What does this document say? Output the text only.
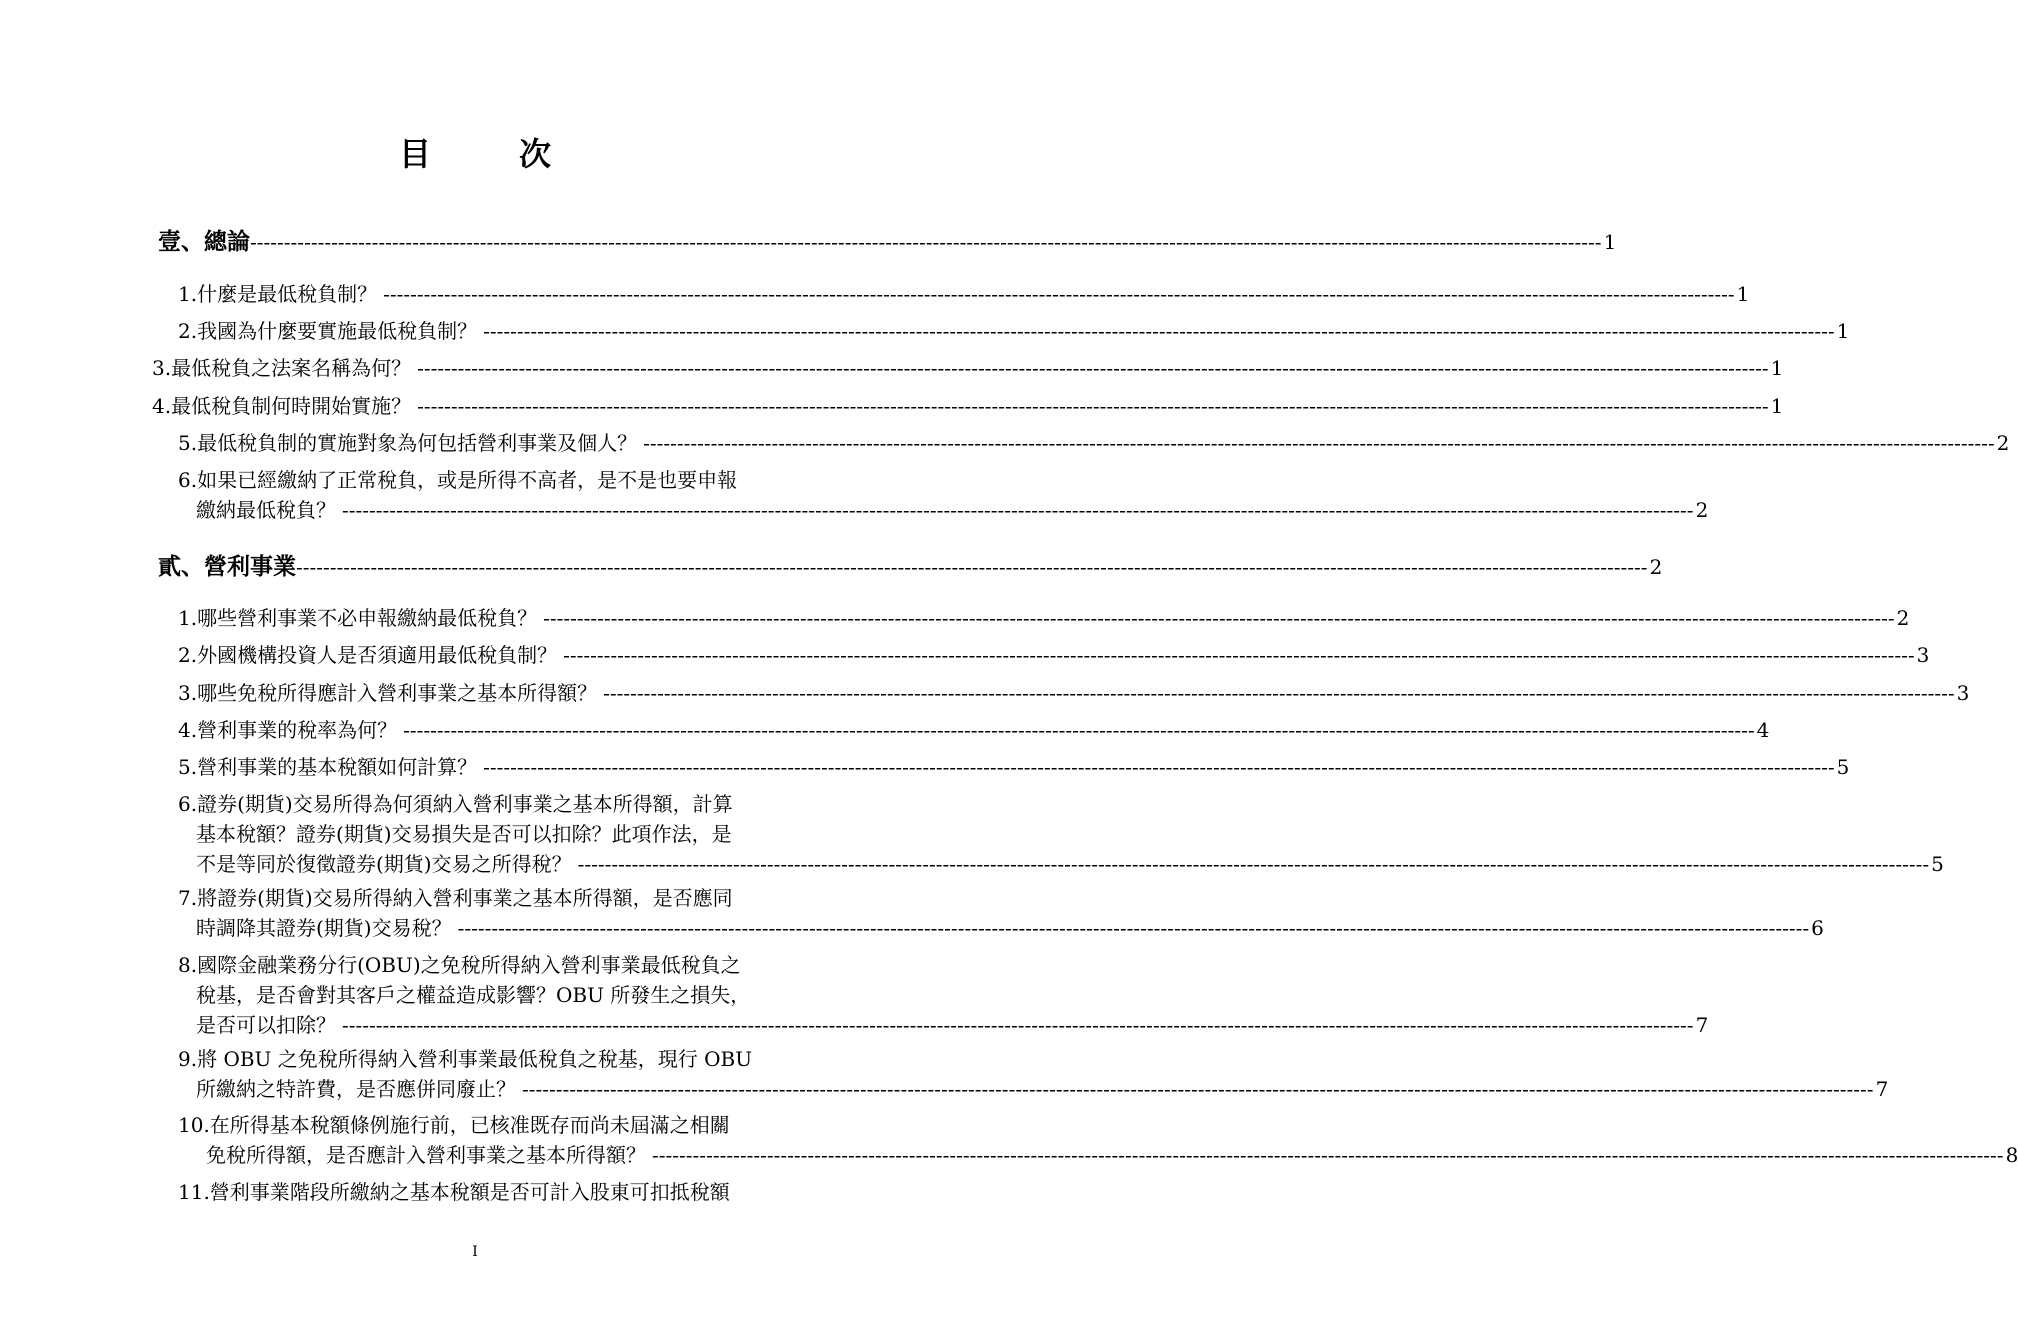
目　次
壹、總論 -------------------------------------------------------------------------------------------------------------------------------------------------------------------------------------------------------- 1
1.什麼是最低稅負制？ -------------------------------------------------------------------------------------------------------------------------------------------------------------------------------------------------------- 1
2.我國為什麼要實施最低稅負制？ -------------------------------------------------------------------------------------------------------------------------------------------------------------------------------------------------------- 1
3.最低稅負之法案名稱為何？ -------------------------------------------------------------------------------------------------------------------------------------------------------------------------------------------------------- 1
4.最低稅負制何時開始實施？ -------------------------------------------------------------------------------------------------------------------------------------------------------------------------------------------------------- 1
5.最低稅負制的實施對象為何包括營利事業及個人？ -------------------------------------------------------------------------------------------------------------------------------------------------------------------------------------------------------- 2
6.如果已經繳納了正常稅負，或是所得不高者，是不是也要申報
繳納最低稅負？ -------------------------------------------------------------------------------------------------------------------------------------------------------------------------------------------------------- 2
貳、營利事業 -------------------------------------------------------------------------------------------------------------------------------------------------------------------------------------------------------- 2
1.哪些營利事業不必申報繳納最低稅負？ -------------------------------------------------------------------------------------------------------------------------------------------------------------------------------------------------------- 2
2.外國機構投資人是否須適用最低稅負制？ -------------------------------------------------------------------------------------------------------------------------------------------------------------------------------------------------------- 3
3.哪些免稅所得應計入營利事業之基本所得額？ -------------------------------------------------------------------------------------------------------------------------------------------------------------------------------------------------------- 3
4.營利事業的稅率為何？ -------------------------------------------------------------------------------------------------------------------------------------------------------------------------------------------------------- 4
5.營利事業的基本稅額如何計算？ -------------------------------------------------------------------------------------------------------------------------------------------------------------------------------------------------------- 5
6.證券(期貨)交易所得為何須納入營利事業之基本所得額，計算
基本稅額？證券(期貨)交易損失是否可以扣除？此項作法，是
不是等同於復徵證券(期貨)交易之所得稅？ -------------------------------------------------------------------------------------------------------------------------------------------------------------------------------------------------------- 5
7.將證券(期貨)交易所得納入營利事業之基本所得額，是否應同
時調降其證券(期貨)交易稅？ -------------------------------------------------------------------------------------------------------------------------------------------------------------------------------------------------------- 6
8.國際金融業務分行(OBU)之免稅所得納入營利事業最低稅負之
稅基，是否會對其客戶之權益造成影響？OBU 所發生之損失，
是否可以扣除？ -------------------------------------------------------------------------------------------------------------------------------------------------------------------------------------------------------- 7
9.將 OBU 之免稅所得納入營利事業最低稅負之稅基，現行 OBU
所繳納之特許費，是否應併同廢止？ -------------------------------------------------------------------------------------------------------------------------------------------------------------------------------------------------------- 7
10.在所得基本稅額條例施行前，已核准既存而尚未屆滿之相關
免稅所得額，是否應計入營利事業之基本所得額？ -------------------------------------------------------------------------------------------------------------------------------------------------------------------------------------------------------- 8
11.營利事業階段所繳納之基本稅額是否可計入股東可扣抵稅額
I
